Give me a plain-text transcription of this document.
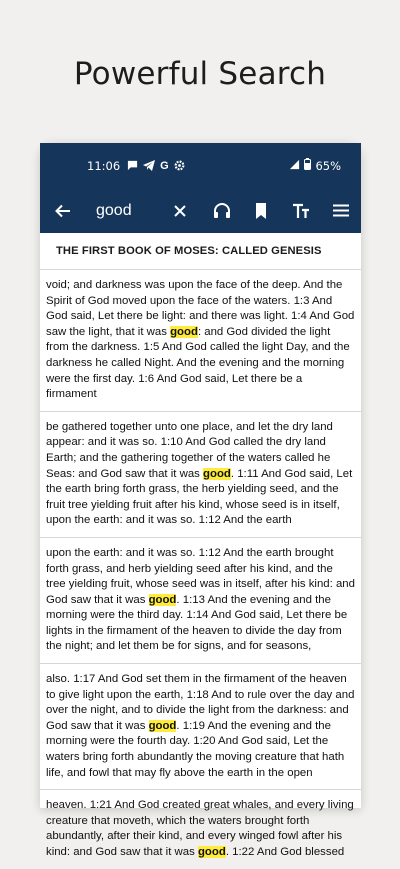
Powerful Search
11:06	G	65%
good
THE FIRST BOOK OF MOSES: CALLED GENESIS
void; and darkness was upon the face of the deep. And the Spirit of God moved upon the face of the waters. 1:3 And God said, Let there be light: and there was light. 1:4 And God saw the light, that it was good: and God divided the light from the darkness. 1:5 And God called the light Day, and the darkness he called Night. And the evening and the morning were the first day. 1:6 And God said, Let there be a firmament
be gathered together unto one place, and let the dry land appear: and it was so. 1:10 And God called the dry land Earth; and the gathering together of the waters called he Seas: and God saw that it was good. 1:11 And God said, Let the earth bring forth grass, the herb yielding seed, and the fruit tree yielding fruit after his kind, whose seed is in itself, upon the earth: and it was so. 1:12 And the earth
upon the earth: and it was so. 1:12 And the earth brought forth grass, and herb yielding seed after his kind, and the tree yielding fruit, whose seed was in itself, after his kind: and God saw that it was good. 1:13 And the evening and the morning were the third day. 1:14 And God said, Let there be lights in the firmament of the heaven to divide the day from the night; and let them be for signs, and for seasons,
also. 1:17 And God set them in the firmament of the heaven to give light upon the earth, 1:18 And to rule over the day and over the night, and to divide the light from the darkness: and God saw that it was good. 1:19 And the evening and the morning were the fourth day. 1:20 And God said, Let the waters bring forth abundantly the moving creature that hath life, and fowl that may fly above the earth in the open
heaven. 1:21 And God created great whales, and every living creature that moveth, which the waters brought forth abundantly, after their kind, and every winged fowl after his kind: and God saw that it was good. 1:22 And God blessed
